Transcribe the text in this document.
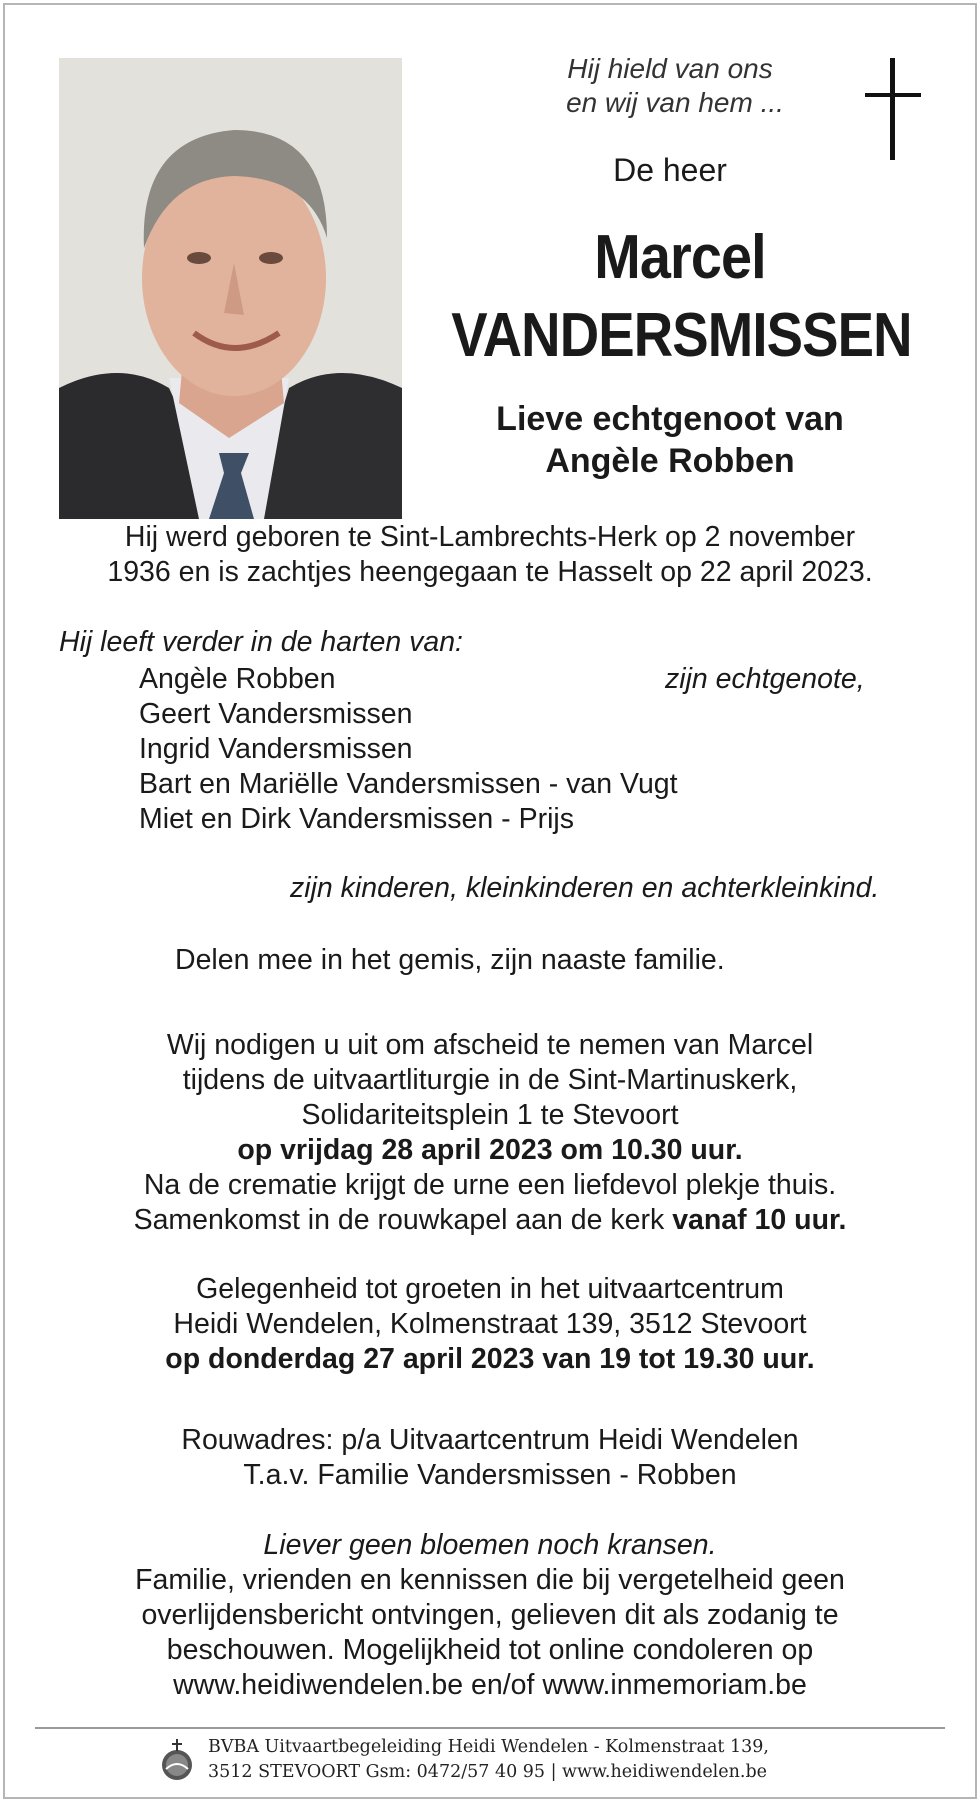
Hij hield van ons
en wij van hem ...
De heer
Marcel
VANDERSMISSEN
Lieve echtgenoot van
Angèle Robben
Hij werd geboren te Sint-Lambrechts-Herk op 2 november
1936 en is zachtjes heengegaan te Hasselt op 22 april 2023.
Hij leeft verder in de harten van:
Angèle Robben	zijn echtgenote,
Geert Vandersmissen
Ingrid Vandersmissen
Bart en Mariëlle Vandersmissen - van Vugt
Miet en Dirk Vandersmissen - Prijs
zijn kinderen, kleinkinderen en achterkleinkind.
Delen mee in het gemis, zijn naaste familie.
Wij nodigen u uit om afscheid te nemen van Marcel
tijdens de uitvaartliturgie in de Sint-Martinuskerk,
Solidariteitsplein 1 te Stevoort
op vrijdag 28 april 2023 om 10.30 uur.
Na de crematie krijgt de urne een liefdevol plekje thuis.
Samenkomst in de rouwkapel aan de kerk vanaf 10 uur.
Gelegenheid tot groeten in het uitvaartcentrum
Heidi Wendelen, Kolmenstraat 139, 3512 Stevoort
op donderdag 27 april 2023 van 19 tot 19.30 uur.
Rouwadres: p/a Uitvaartcentrum Heidi Wendelen
T.a.v. Familie Vandersmissen - Robben
Liever geen bloemen noch kransen.
Familie, vrienden en kennissen die bij vergetelheid geen
overlijdensbericht ontvingen, gelieven dit als zodanig te
beschouwen. Mogelijkheid tot online condoleren op
www.heidiwendelen.be en/of www.inmemoriam.be
BVBA Uitvaartbegeleiding Heidi Wendelen - Kolmenstraat 139,
3512 STEVOORT Gsm: 0472/57 40 95 | www.heidiwendelen.be
